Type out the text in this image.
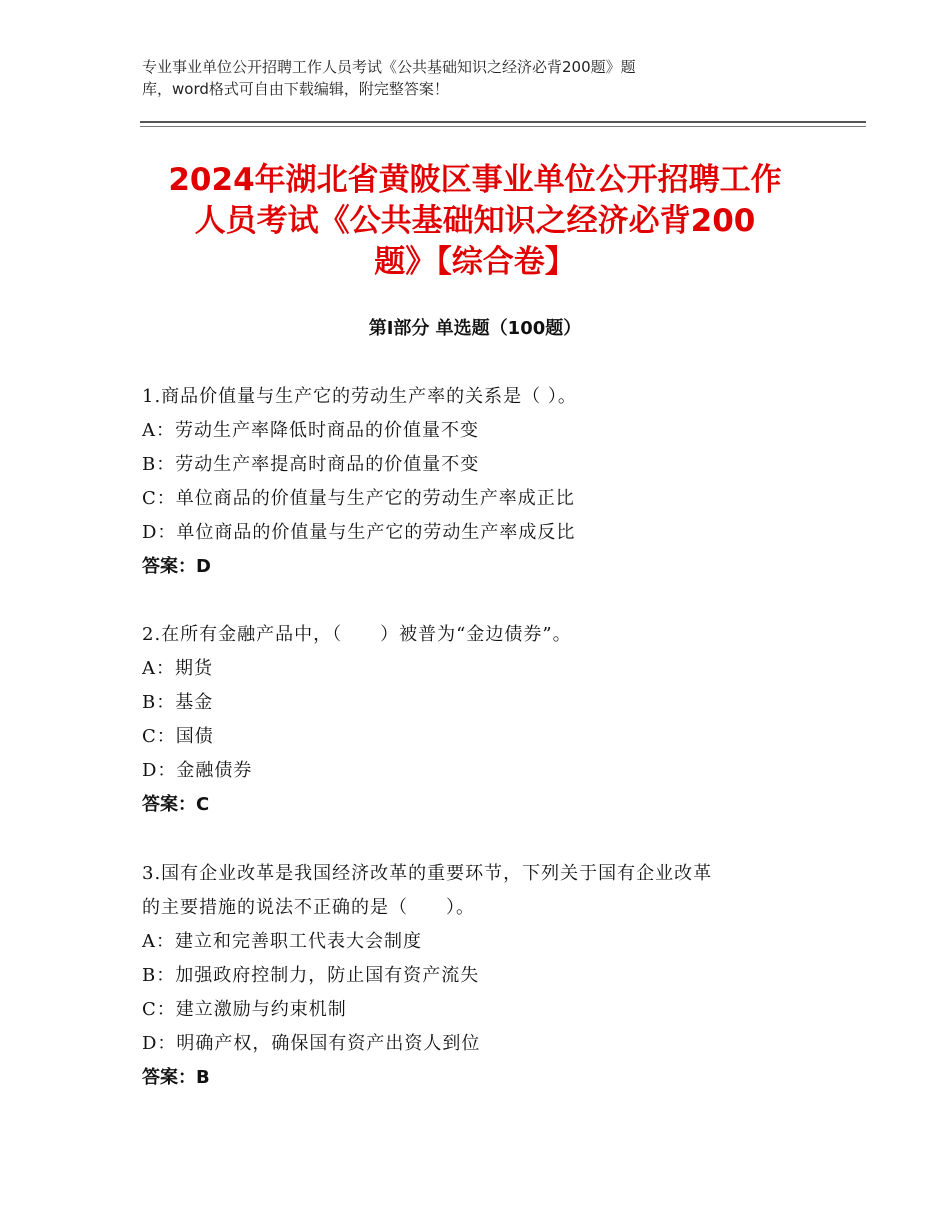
专业事业单位公开招聘工作人员考试《公共基础知识之经济必背200题》题
库，word格式可自由下载编辑，附完整答案！
2024年湖北省黄陂区事业单位公开招聘工作
人员考试《公共基础知识之经济必背200
题》【综合卷】
第Ⅰ部分 单选题（100题）
1.商品价值量与生产它的劳动生产率的关系是（ ）。
A：劳动生产率降低时商品的价值量不变
B：劳动生产率提高时商品的价值量不变
C：单位商品的价值量与生产它的劳动生产率成正比
D：单位商品的价值量与生产它的劳动生产率成反比
答案：D
2.在所有金融产品中，（　　）被普为“金边债券”。
A：期货
B：基金
C：国债
D：金融债券
答案：C
3.国有企业改革是我国经济改革的重要环节，下列关于国有企业改革
的主要措施的说法不正确的是（　　）。
A：建立和完善职工代表大会制度
B：加强政府控制力，防止国有资产流失
C：建立激励与约束机制
D：明确产权，确保国有资产出资人到位
答案：B
